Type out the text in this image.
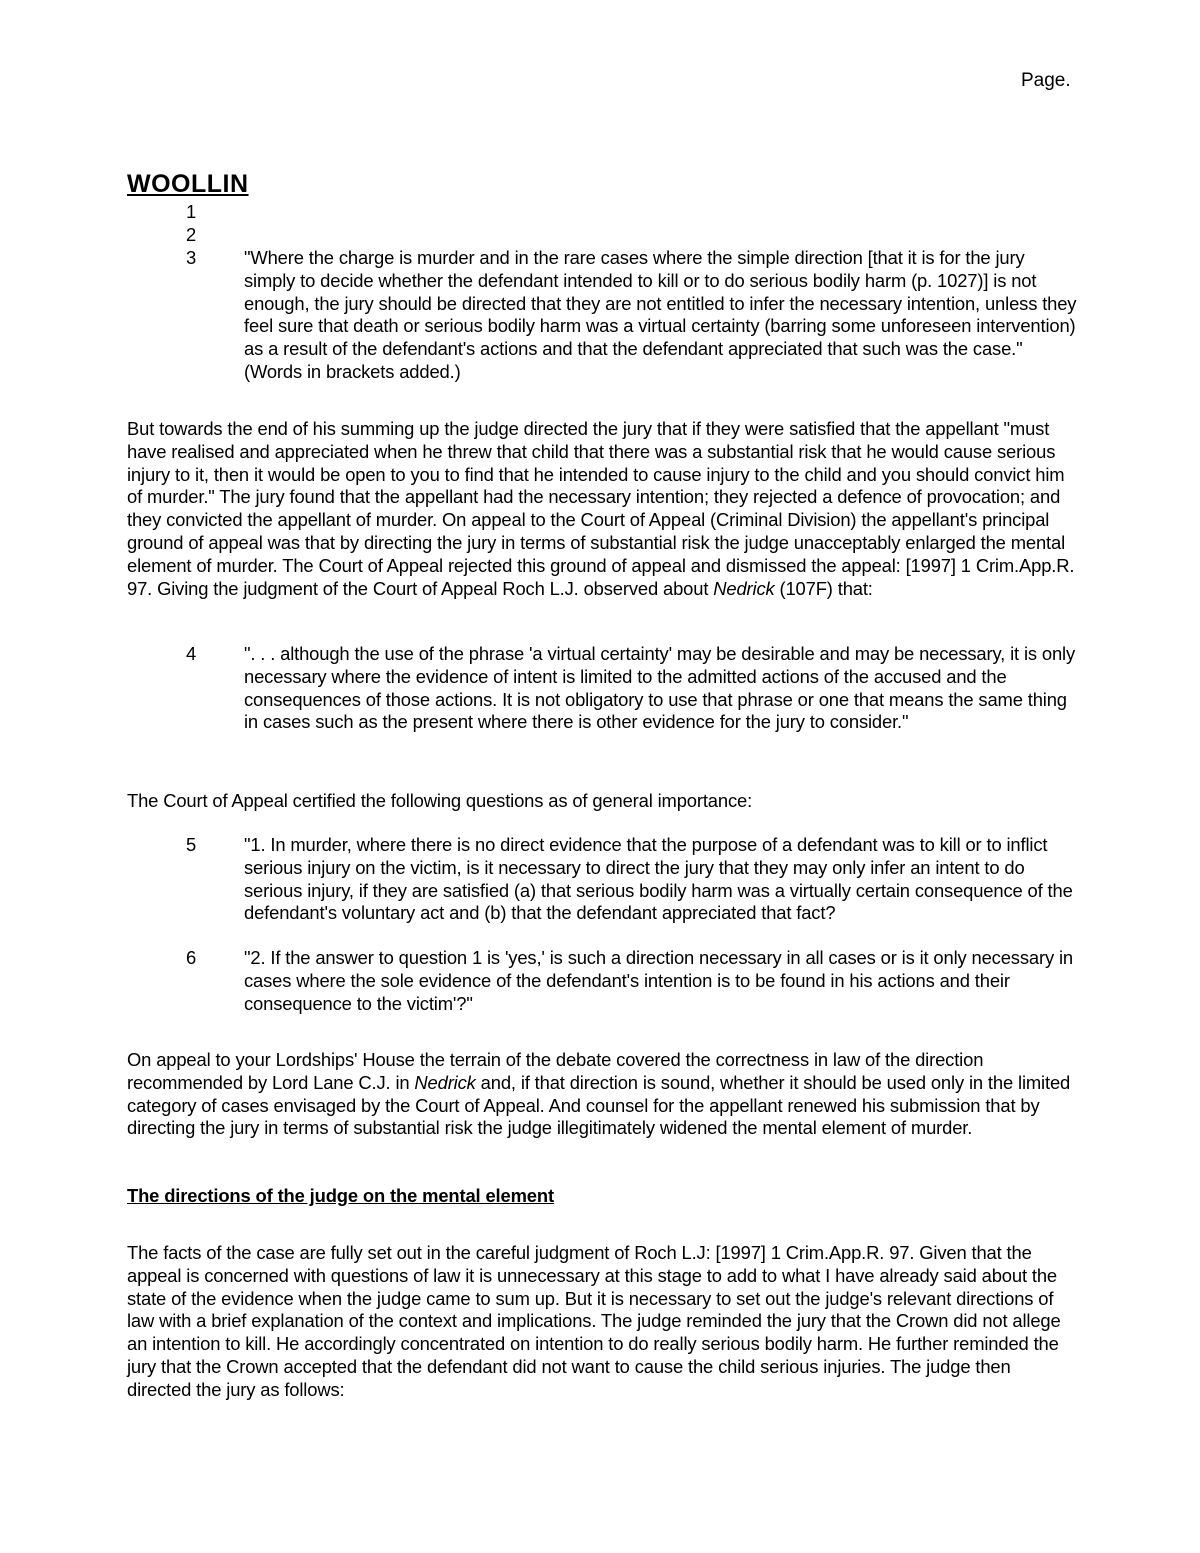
Page.
WOOLLIN
1
2
3	"Where the charge is murder and in the rare cases where the simple direction [that it is for the jury simply to decide whether the defendant intended to kill or to do serious bodily harm (p. 1027)] is not enough, the jury should be directed that they are not entitled to infer the necessary intention, unless they feel sure that death or serious bodily harm was a virtual certainty (barring some unforeseen intervention) as a result of the defendant's actions and that the defendant appreciated that such was the case." (Words in brackets added.)
But towards the end of his summing up the judge directed the jury that if they were satisfied that the appellant "must have realised and appreciated when he threw that child that there was a substantial risk that he would cause serious injury to it, then it would be open to you to find that he intended to cause injury to the child and you should convict him of murder." The jury found that the appellant had the necessary intention; they rejected a defence of provocation; and they convicted the appellant of murder. On appeal to the Court of Appeal (Criminal Division) the appellant's principal ground of appeal was that by directing the jury in terms of substantial risk the judge unacceptably enlarged the mental element of murder. The Court of Appeal rejected this ground of appeal and dismissed the appeal: [1997] 1 Crim.App.R. 97. Giving the judgment of the Court of Appeal Roch L.J. observed about Nedrick (107F) that:
4	". . . although the use of the phrase 'a virtual certainty' may be desirable and may be necessary, it is only necessary where the evidence of intent is limited to the admitted actions of the accused and the consequences of those actions. It is not obligatory to use that phrase or one that means the same thing in cases such as the present where there is other evidence for the jury to consider."
The Court of Appeal certified the following questions as of general importance:
5	"1. In murder, where there is no direct evidence that the purpose of a defendant was to kill or to inflict serious injury on the victim, is it necessary to direct the jury that they may only infer an intent to do serious injury, if they are satisfied (a) that serious bodily harm was a virtually certain consequence of the defendant's voluntary act and (b) that the defendant appreciated that fact?
6	"2. If the answer to question 1 is 'yes,' is such a direction necessary in all cases or is it only necessary in cases where the sole evidence of the defendant's intention is to be found in his actions and their consequence to the victim'?"
On appeal to your Lordships' House the terrain of the debate covered the correctness in law of the direction recommended by Lord Lane C.J. in Nedrick and, if that direction is sound, whether it should be used only in the limited category of cases envisaged by the Court of Appeal. And counsel for the appellant renewed his submission that by directing the jury in terms of substantial risk the judge illegitimately widened the mental element of murder.
The directions of the judge on the mental element
The facts of the case are fully set out in the careful judgment of Roch L.J: [1997] 1 Crim.App.R. 97. Given that the appeal is concerned with questions of law it is unnecessary at this stage to add to what I have already said about the state of the evidence when the judge came to sum up. But it is necessary to set out the judge's relevant directions of law with a brief explanation of the context and implications. The judge reminded the jury that the Crown did not allege an intention to kill. He accordingly concentrated on intention to do really serious bodily harm. He further reminded the jury that the Crown accepted that the defendant did not want to cause the child serious injuries. The judge then directed the jury as follows:
